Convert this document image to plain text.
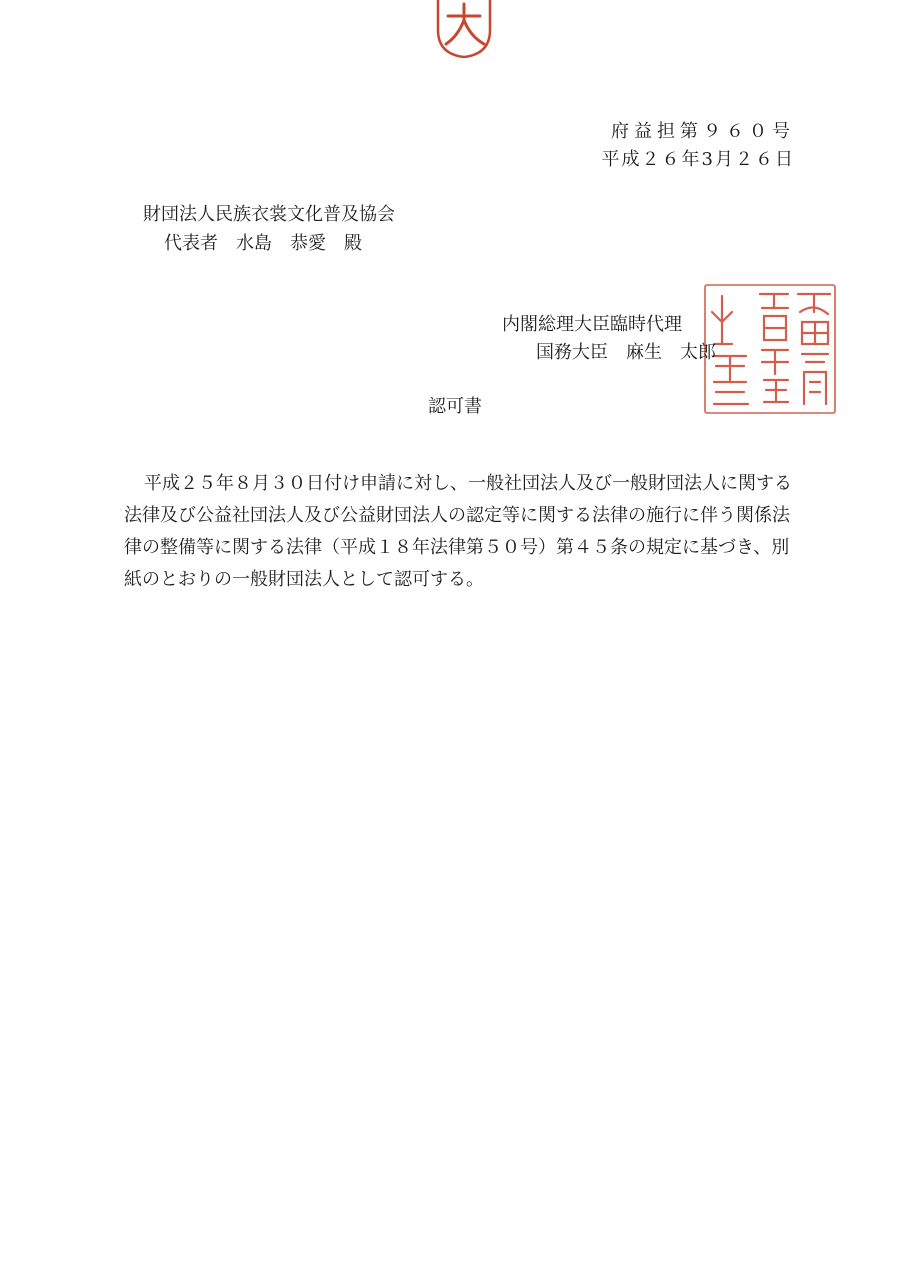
府益担第９６０号
平成２６年3月２６日
財団法人民族衣裳文化普及協会
代表者　水島　恭愛　殿
内閣総理大臣臨時代理
国務大臣　麻生　太郎
認可書

平成２５年８月３０日付け申請に対し、一般社団法人及び一般財団法人に関する法律及び公益社団法人及び公益財団法人の認定等に関する法律の施行に伴う関係法律の整備等に関する法律（平成１８年法律第５０号）第４５条の規定に基づき、別紙のとおりの一般財団法人として認可する。
